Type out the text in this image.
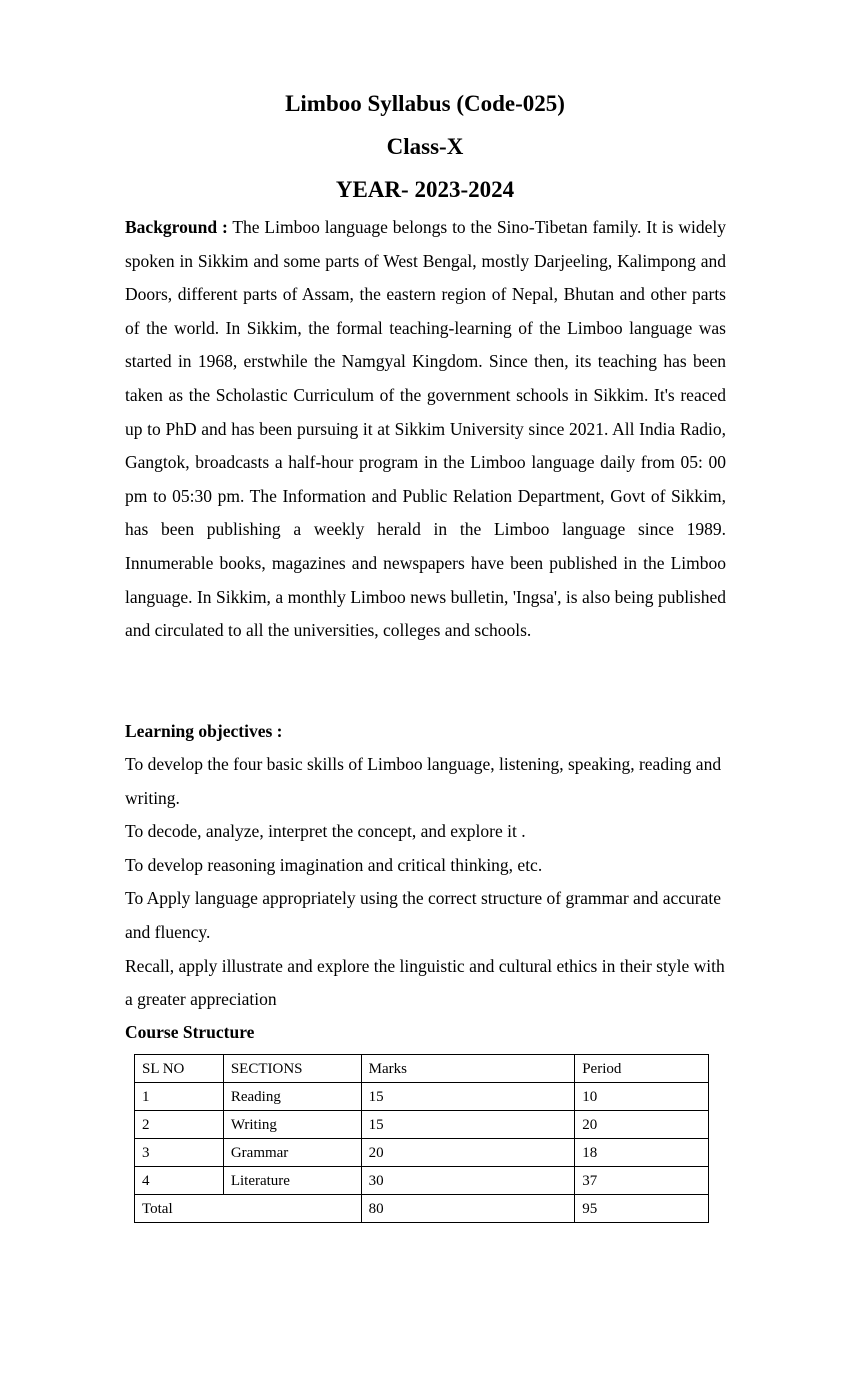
Limboo Syllabus (Code-025)
Class-X
YEAR- 2023-2024
Background : The Limboo language belongs to the Sino-Tibetan family. It is widely spoken in Sikkim and some parts of West Bengal, mostly Darjeeling, Kalimpong and Doors, different parts of Assam, the eastern region of Nepal, Bhutan and other parts of the world. In Sikkim, the formal teaching-learning of the Limboo language was started in 1968, erstwhile the Namgyal Kingdom. Since then, its teaching has been taken as the Scholastic Curriculum of the government schools in Sikkim. It's reaced up to PhD and has been pursuing it at Sikkim University since 2021. All India Radio, Gangtok, broadcasts a half-hour program in the Limboo language daily from 05: 00 pm to 05:30 pm. The Information and Public Relation Department, Govt of Sikkim, has been publishing a weekly herald in the Limboo language since 1989. Innumerable books, magazines and newspapers have been published in the Limboo language. In Sikkim, a monthly Limboo news bulletin, 'Ingsa', is also being published and circulated to all the universities, colleges and schools.
Learning objectives :

To develop the four basic skills of Limboo language, listening, speaking, reading and writing.

To decode, analyze, interpret the concept, and explore it .

To develop reasoning imagination and critical thinking, etc.

To Apply language appropriately using the correct structure of grammar and accurate and fluency.

Recall, apply illustrate and explore the linguistic and cultural ethics in their style with a greater appreciation

Course Structure
SL NO	SECTIONS	Marks	Period
1	Reading	15	10
2	Writing	15	20
3	Grammar	20	18
4	Literature	30	37
Total		80	95
